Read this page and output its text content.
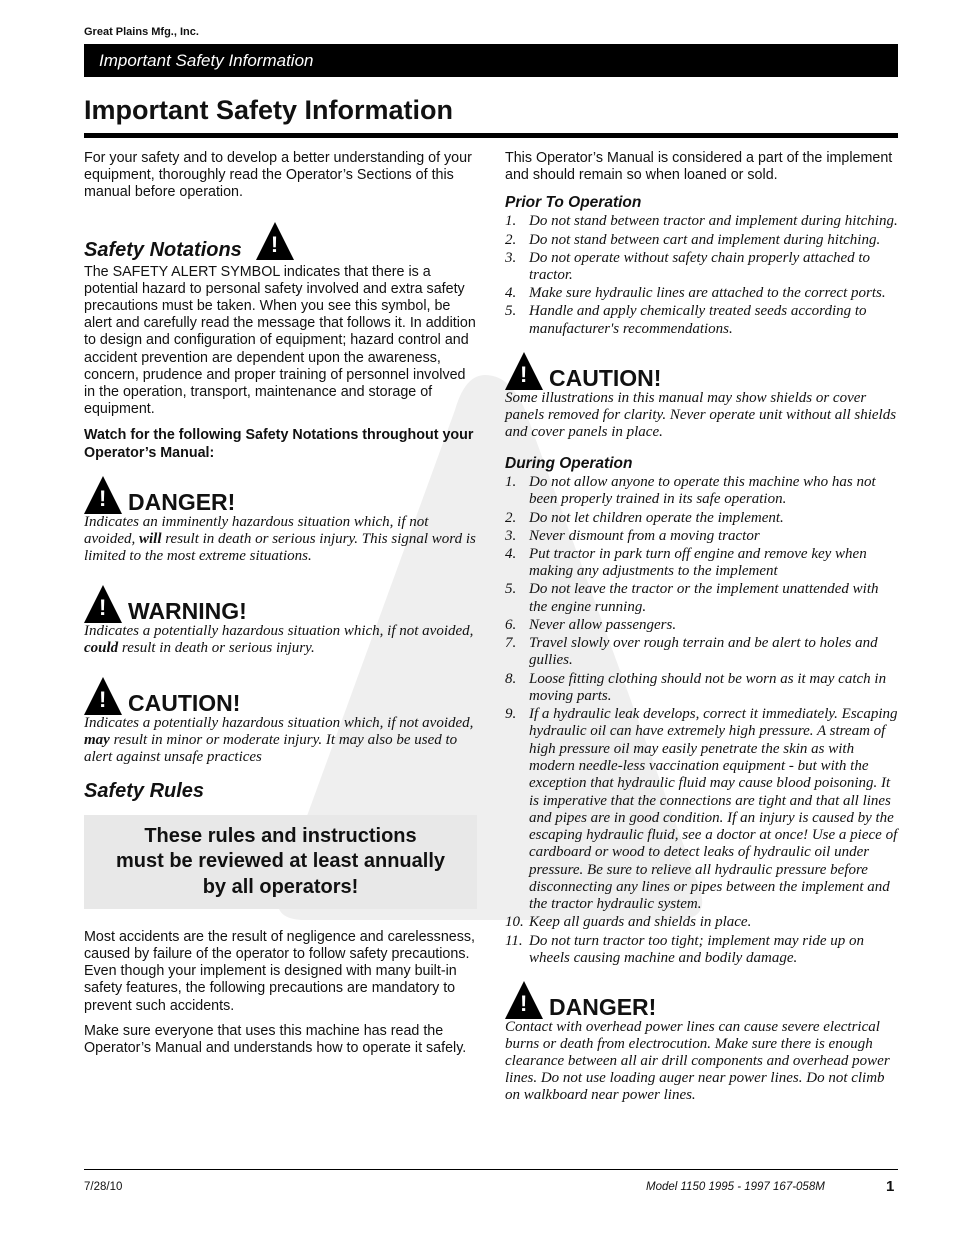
Great Plains Mfg., Inc.
Important Safety Information
Important Safety Information

For your safety and to develop a better understanding of your equipment, thoroughly read the Operator’s Sections of this manual before operation.

Safety Notations
!

The SAFETY ALERT SYMBOL indicates that there is a potential hazard to personal safety involved and extra safety precautions must be taken. When you see this symbol, be alert and carefully read the message that follows it. In addition to design and configuration of equipment; hazard control and accident prevention are dependent upon the awareness, concern, prudence and proper training of personnel involved in the operation, transport, maintenance and storage of equipment.

Watch for the following Safety Notations throughout your Operator’s Manual:

!
DANGER!

Indicates an imminently hazardous situation which, if not avoided, will result in death or serious injury. This signal word is limited to the most extreme situations.

!
WARNING!

Indicates a potentially hazardous situation which, if not avoided, could result in death or serious injury.

!
CAUTION!

Indicates a potentially hazardous situation which, if not avoided, may result in minor or moderate injury. It may also be used to alert against unsafe practices

Safety Rules
These rules and instructions
must be reviewed at least annually
by all operators!

Most accidents are the result of negligence and carelessness, caused by failure of the operator to follow safety precautions. Even though your implement is designed with many built-in safety features, the following precautions are mandatory to prevent such accidents.

Make sure everyone that uses this machine has read the Operator’s Manual and understands how to operate it safely.

This Operator’s Manual is considered a part of the implement and should remain so when loaned or sold.

Prior To Operation
1. Do not stand between tractor and implement during hitching.
2. Do not stand between cart and implement during hitching.
3. Do not operate without safety chain properly attached to tractor.
4. Make sure hydraulic lines are attached to the correct ports.
5. Handle and apply chemically treated seeds according to manufacturer's recommendations.
!
CAUTION!

Some illustrations in this manual may show shields or cover panels removed for clarity. Never operate unit without all shields and cover panels in place.

During Operation
1. Do not allow anyone to operate this machine who has not been properly trained in its safe operation.
2. Do not let children operate the implement.
3. Never dismount from a moving tractor
4. Put tractor in park turn off engine and remove key when making any adjustments to the implement
5. Do not leave the tractor or the implement unattended with the engine running.
6. Never allow passengers.
7. Travel slowly over rough terrain and be alert to holes and gullies.
8. Loose fitting clothing should not be worn as it may catch in moving parts.
9. If a hydraulic leak develops, correct it immediately. Escaping hydraulic oil can have extremely high pressure. A stream of high pressure oil may easily penetrate the skin as with modern needle-less vaccination equipment - but with the exception that hydraulic fluid may cause blood poisoning. It is imperative that the connections are tight and that all lines and pipes are in good condition. If an injury is caused by the escaping hydraulic fluid, see a doctor at once! Use a piece of cardboard or wood to detect leaks of hydraulic oil under pressure. Be sure to relieve all hydraulic pressure before disconnecting any lines or pipes between the implement and the tractor hydraulic system.
10. Keep all guards and shields in place.
11. Do not turn tractor too tight; implement may ride up on wheels causing machine and bodily damage.
!
DANGER!

Contact with overhead power lines can cause severe electrical burns or death from electrocution. Make sure there is enough clearance between all air drill components and overhead power lines. Do not use loading auger near power lines. Do not climb on walkboard near power lines.

7/28/10	Model 1150 1995 - 1997 167-058M	1
